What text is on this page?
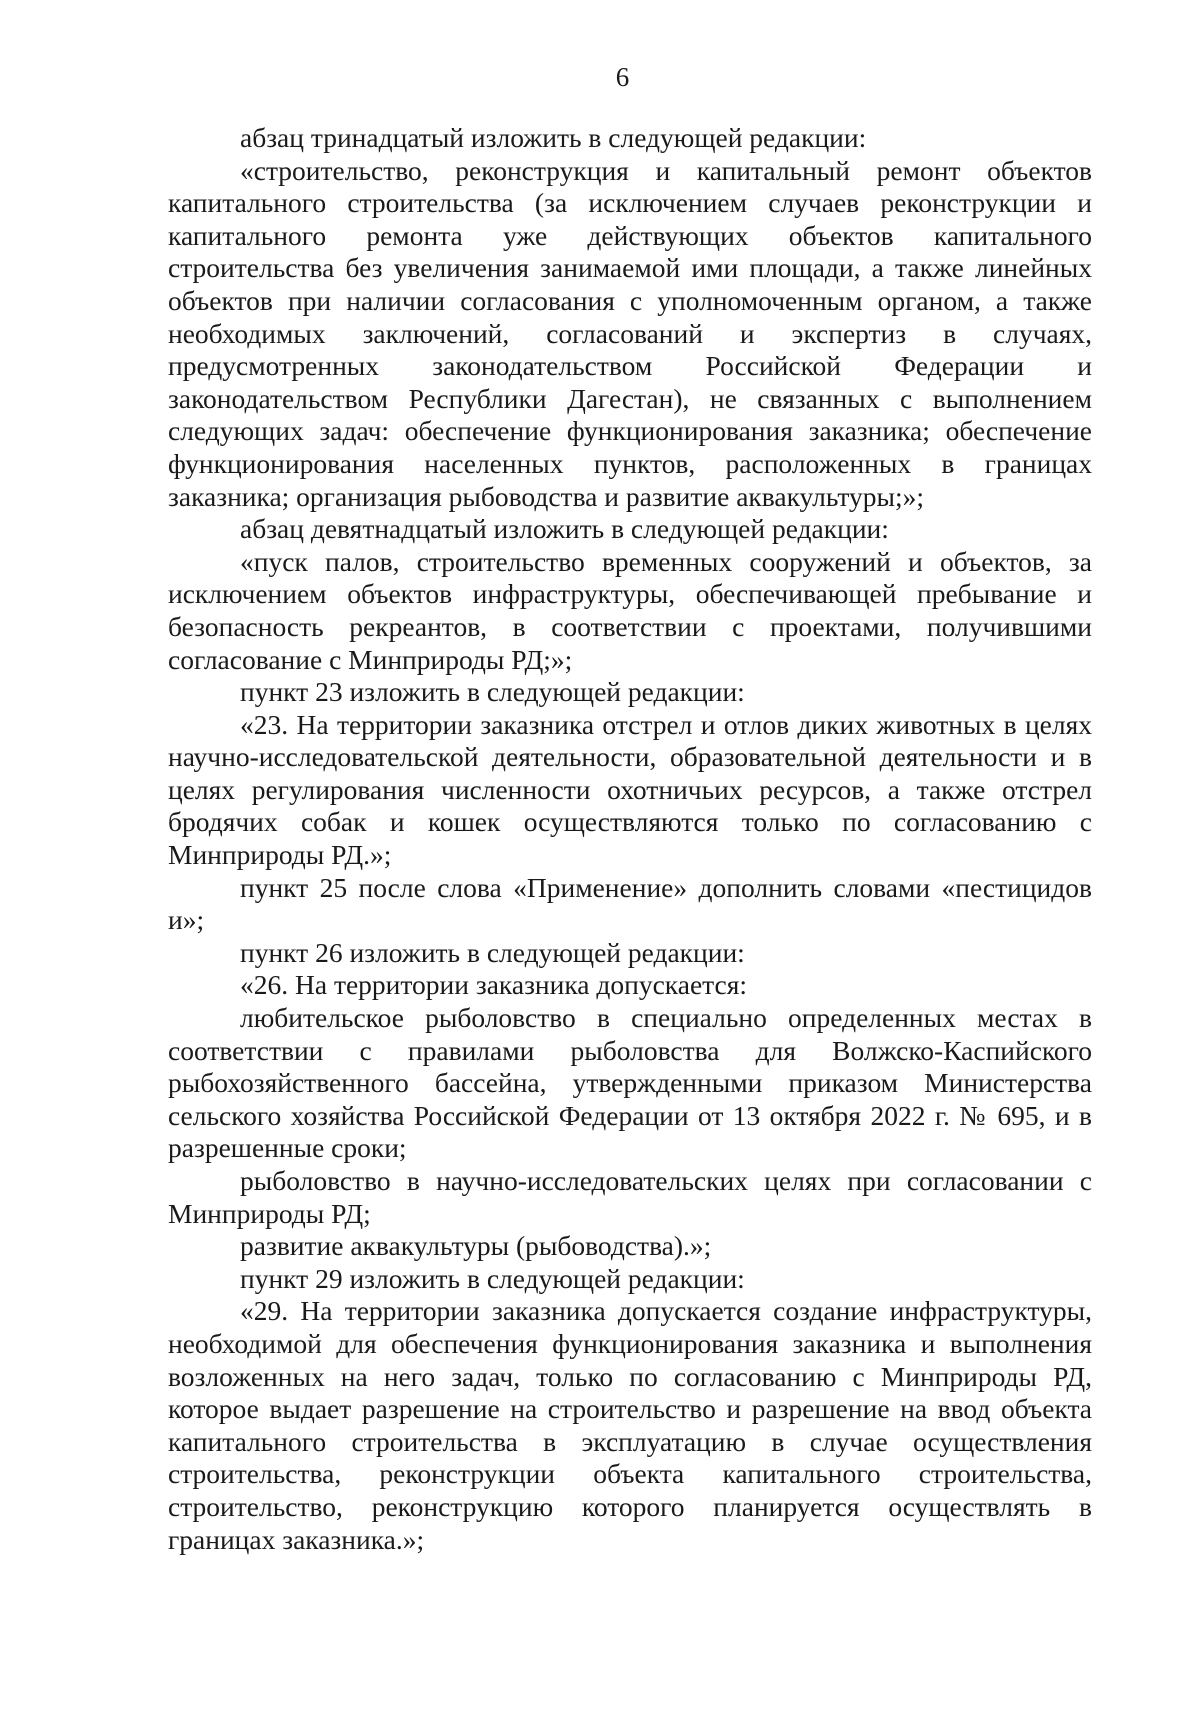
6

абзац тринадцатый изложить в следующей редакции:

«строительство, реконструкция и капитальный ремонт объектов капитального строительства (за исключением случаев реконструкции и капитального ремонта уже действующих объектов капитального строительства без увеличения занимаемой ими площади, а также линейных объектов при наличии согласования с уполномоченным органом, а также необходимых заключений, согласований и экспертиз в случаях, предусмотренных законодательством Российской Федерации и законодательством Республики Дагестан), не связанных с выполнением следующих задач: обеспечение функционирования заказника; обеспечение функционирования населенных пунктов, расположенных в границах заказника; организация рыбоводства и развитие аквакультуры;»;

абзац девятнадцатый изложить в следующей редакции:

«пуск палов, строительство временных сооружений и объектов, за исключением объектов инфраструктуры, обеспечивающей пребывание и безопасность рекреантов, в соответствии с проектами, получившими согласование с Минприроды РД;»;

пункт 23 изложить в следующей редакции:

«23. На территории заказника отстрел и отлов диких животных в целях научно-исследовательской деятельности, образовательной деятельности и в целях регулирования численности охотничьих ресурсов, а также отстрел бродячих собак и кошек осуществляются только по согласованию с Минприроды РД.»;

пункт 25 после слова «Применение» дополнить словами «пестицидов и»;

пункт 26 изложить в следующей редакции:

«26. На территории заказника допускается:

любительское рыболовство в специально определенных местах в соответствии с правилами рыболовства для Волжско-Каспийского рыбохозяйственного бассейна, утвержденными приказом Министерства сельского хозяйства Российской Федерации от 13 октября 2022 г. № 695, и в разрешенные сроки;

рыболовство в научно-исследовательских целях при согласовании с Минприроды РД;

развитие аквакультуры (рыбоводства).»;

пункт 29 изложить в следующей редакции:

«29. На территории заказника допускается создание инфраструктуры, необходимой для обеспечения функционирования заказника и выполнения возложенных на него задач, только по согласованию с Минприроды РД, которое выдает разрешение на строительство и разрешение на ввод объекта капитального строительства в эксплуатацию в случае осуществления строительства, реконструкции объекта капитального строительства, строительство, реконструкцию которого планируется осуществлять в границах заказника.»;
